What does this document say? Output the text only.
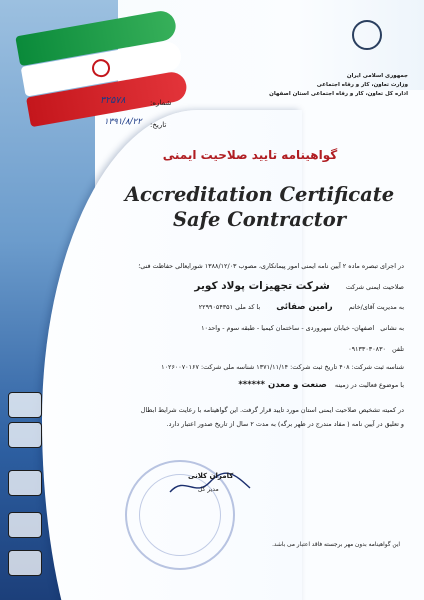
جمهوری اسلامی ایران
وزارت تعاون، کار و رفاه اجتماعی
اداره کل تعاون، کار و رفاه اجتماعی استان اصفهان
شماره:
۳۲۵۷۸
تاریخ:
۱۳۹۱/۸/۲۲
گواهینامه تایید صلاحیت ایمنی
Accreditation Certificate
Safe Contractor
در اجرای تبصره ماده ۲ آیین نامه ایمنی امور پیمانکاری، مصوب ۱۳۸۸/۱۲/۰۳ شورایعالی حفاظت فنی؛
صلاحیت ایمنی شرکت شرکت تجهیزات پولاد کویر
به مدیریت آقای/خانم رامین صفائی با کد ملی ۲۲۹۹۰۵۴۳۵۱
به نشانی اصفهان- خیابان سهروردی - ساختمان کیمیا - طبقه سوم - واحد۱۰
تلفن ۰۹۱۳۳۰۳۰۸۳۰
شناسه ثبت شرکت: ۴۰۸ تاریخ ثبت شرکت: ۱۳۷۱/۱۱/۱۴ شناسه ملی شرکت: ۱۰۲۶۰۰۷۰۱۶۷
با موضوع فعالیت در زمینه صنعت و معدن ******
در کمیته تشخیص صلاحیت ایمنی استان مورد تایید قرار گرفت. این گواهینامه با رعایت شرایط ابطال
و تعلیق در آیین نامه ( مفاد مندرج در ظهر برگه) به مدت ۲ سال از تاریخ صدور اعتبار دارد.
کامران کلانی
مدیر کل
این گواهینامه بدون مهر برجسته فاقد اعتبار می باشد.
